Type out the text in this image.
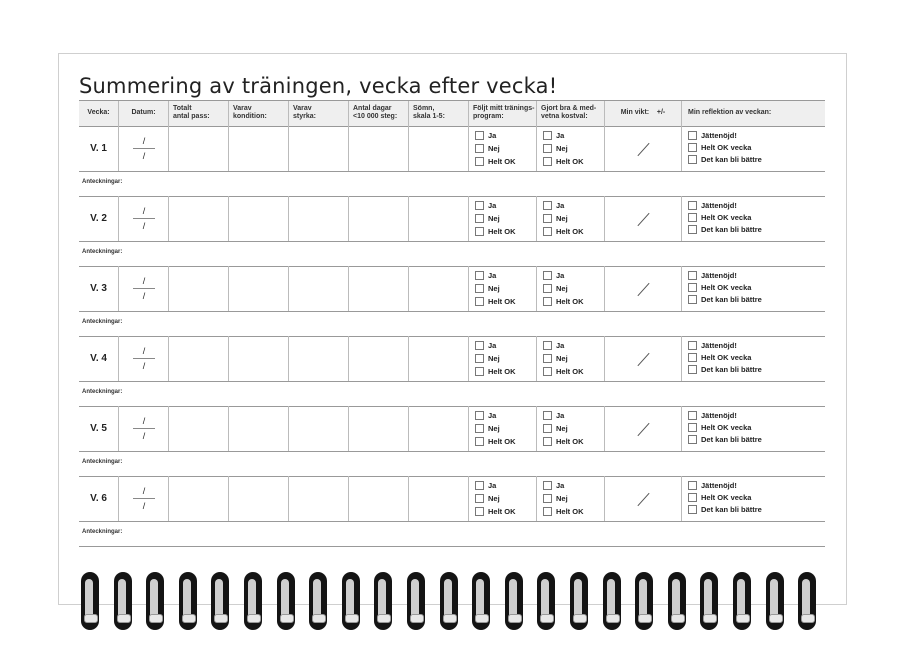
Summering av träningen, vecka efter vecka!
Vecka:	Datum:
Totalt
antal pass:
Varav
kondition:
Varav
styrka:
Antal dagar
<10 000 steg:
Sömn,
skala 1-5:
Följt mitt tränings-
program:
Gjort bra & med-
vetna kostval:
Min vikt: +/-	Min reflektion av veckan:
V. 1
/
/
Ja
Nej
Helt OK
Ja
Nej
Helt OK
Jättenöjd!
Helt OK vecka
Det kan bli bättre
Anteckningar:
V. 2
/
/
Ja
Nej
Helt OK
Ja
Nej
Helt OK
Jättenöjd!
Helt OK vecka
Det kan bli bättre
Anteckningar:
V. 3
/
/
Ja
Nej
Helt OK
Ja
Nej
Helt OK
Jättenöjd!
Helt OK vecka
Det kan bli bättre
Anteckningar:
V. 4
/
/
Ja
Nej
Helt OK
Ja
Nej
Helt OK
Jättenöjd!
Helt OK vecka
Det kan bli bättre
Anteckningar:
V. 5
/
/
Ja
Nej
Helt OK
Ja
Nej
Helt OK
Jättenöjd!
Helt OK vecka
Det kan bli bättre
Anteckningar:
V. 6
/
/
Ja
Nej
Helt OK
Ja
Nej
Helt OK
Jättenöjd!
Helt OK vecka
Det kan bli bättre
Anteckningar:
